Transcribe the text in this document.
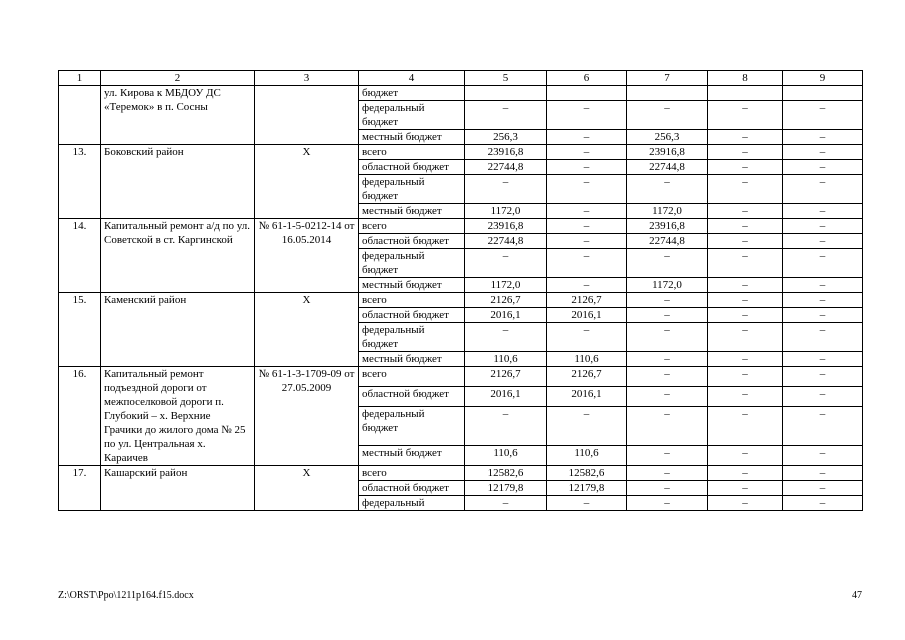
1	2	3	4	5	6	7	8	9
	ул. Кирова к МБДОУ ДС «Теремок» в п. Сосны		бюджет					
			федеральный бюджет	–	–	–	–	–
			местный бюджет	256,3	–	256,3	–	–
13.	Боковский район	Х	всего	23916,8	–	23916,8	–	–
			областной бюджет	22744,8	–	22744,8	–	–
			федеральный бюджет	–	–	–	–	–
			местный бюджет	1172,0	–	1172,0	–	–
14.	Капитальный ремонт а/д по ул. Советской в ст. Каргинской	№ 61-1-5-0212-14 от 16.05.2014	всего	23916,8	–	23916,8	–	–
			областной бюджет	22744,8	–	22744,8	–	–
			федеральный бюджет	–	–	–	–	–
			местный бюджет	1172,0	–	1172,0	–	–
15.	Каменский район	Х	всего	2126,7	2126,7	–	–	–
			областной бюджет	2016,1	2016,1	–	–	–
			федеральный бюджет	–	–	–	–	–
			местный бюджет	110,6	110,6	–	–	–
16.	Капитальный ремонт подъездной дороги от межпоселковой дороги п. Глубокий – х. Верхние Грачики до жилого дома № 25 по ул. Центральная х. Караичев	№ 61-1-3-1709-09 от 27.05.2009	всего	2126,7	2126,7	–	–	–
			областной бюджет	2016,1	2016,1	–	–	–
			федеральный бюджет	–	–	–	–	–
			местный бюджет	110,6	110,6	–	–	–
17.	Кашарский район	Х	всего	12582,6	12582,6	–	–	–
			областной бюджет	12179,8	12179,8	–	–	–
			федеральный	–	–	–	–	–
Z:\ORST\Ppo\1211p164.f15.docx	47
